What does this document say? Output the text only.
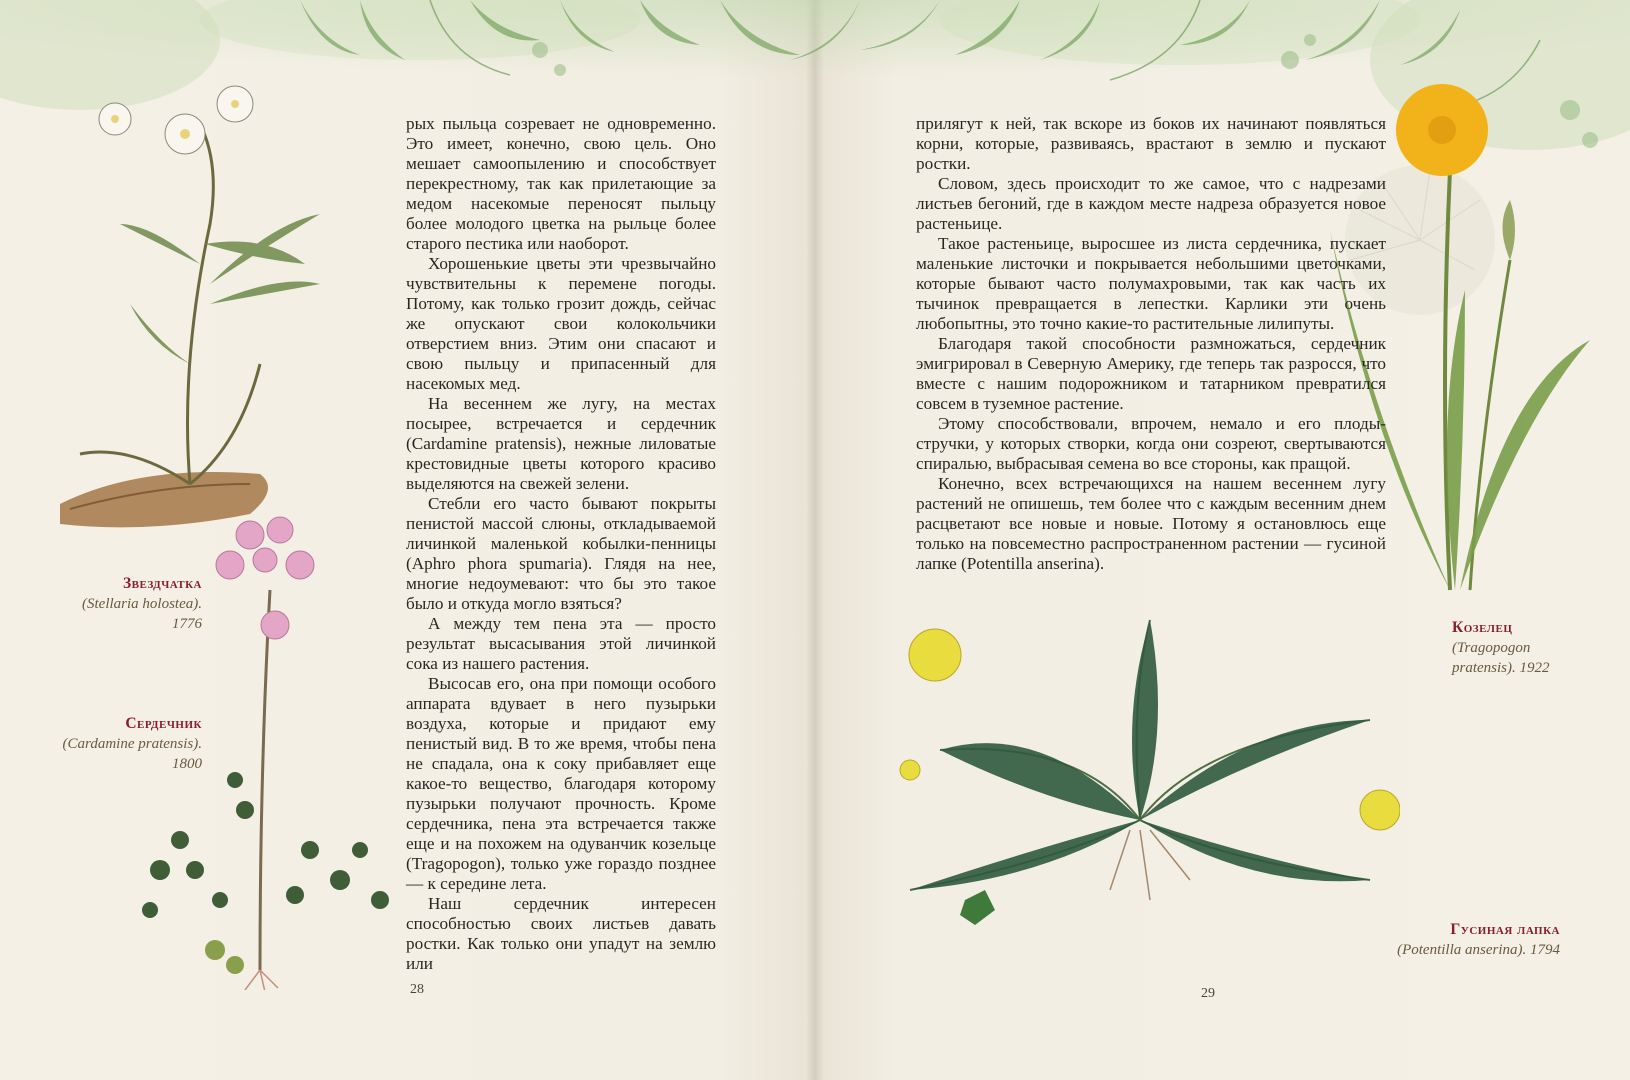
рых пыльца созревает не одновременно. Это имеет, конечно, свою цель. Оно мешает самоопылению и способствует перекрестному, так как прилетающие за медом насекомые переносят пыльцу более молодого цветка на рыльце более старого пестика или наоборот.

Хорошенькие цветы эти чрезвычайно чувствительны к перемене погоды. Потому, как только грозит дождь, сейчас же опускают свои колокольчики отверстием вниз. Этим они спасают и свою пыльцу и припасенный для насекомых мед.

На весеннем же лугу, на местах посырее, встречается и сердечник (Cardamine pratensis), нежные лиловатые крестовидные цветы которого красиво выделяются на свежей зелени.

Стебли его часто бывают покрыты пенистой массой слюны, откладываемой личинкой маленькой кобылки-пенницы (Aphro phora spumaria). Глядя на нее, многие недоумевают: что бы это такое было и откуда могло взяться?

А между тем пена эта — просто результат высасывания этой личинкой сока из нашего растения.

Высосав его, она при помощи особого аппарата вдувает в него пузырьки воздуха, которые и придают ему пенистый вид. В то же время, чтобы пена не спадала, она к соку прибавляет еще какое-то вещество, благодаря которому пузырьки получают прочность. Кроме сердечника, пена эта встречается также еще и на похожем на одуванчик козельце (Tragopogon), только уже гораздо позднее — к середине лета.

Наш сердечник интересен способностью своих листьев давать ростки. Как только они упадут на землю или

прилягут к ней, так вскоре из боков их начинают появляться корни, которые, развиваясь, врастают в землю и пускают ростки.

Словом, здесь происходит то же самое, что с надрезами листьев бегоний, где в каждом месте надреза образуется новое растеньице.

Такое растеньице, выросшее из листа сердечника, пускает маленькие листочки и покрывается небольшими цветочками, которые бывают часто полумахровыми, так как часть их тычинок превращается в лепестки. Карлики эти очень любопытны, это точно какие-то растительные лилипуты.

Благодаря такой способности размножаться, сердечник эмигрировал в Северную Америку, где теперь так разросся, что вместе с нашим подорожником и татарником превратился совсем в туземное растение.

Этому способствовали, впрочем, немало и его плоды-стручки, у которых створки, когда они созреют, свертываются спиралью, выбрасывая семена во все стороны, как пращой.

Конечно, всех встречающихся на нашем весеннем лугу растений не опишешь, тем более что с каждым весенним днем расцветают все новые и новые. Потому я остановлюсь еще только на повсеместно распространенном растении — гусиной лапке (Potentilla anserina).

Звездчатка
(Stellaria holostea). 1776
Сердечник
(Cardamine pratensis). 1800
Козелец
(Tragopogon pratensis). 1922
Гусиная лапка
(Potentilla anserina). 1794
28	29
